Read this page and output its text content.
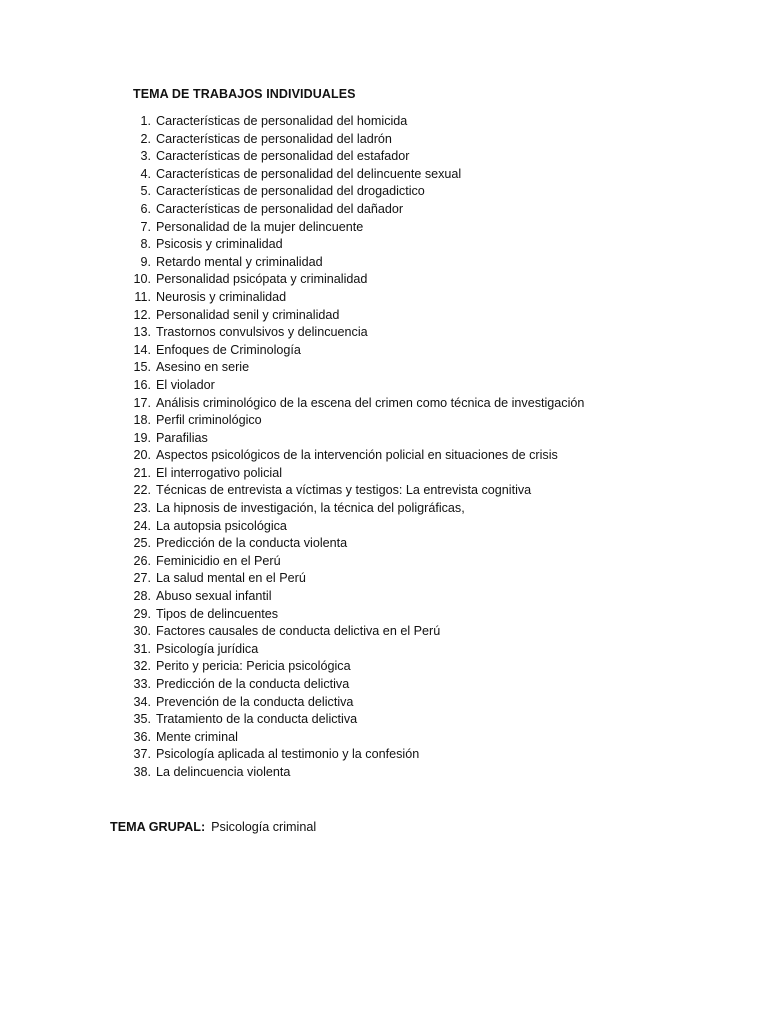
TEMA DE TRABAJOS INDIVIDUALES
1. Características de personalidad del homicida
2. Características de personalidad del ladrón
3. Características de personalidad del estafador
4. Características de personalidad del delincuente sexual
5. Características de personalidad del drogadictico
6. Características de personalidad del dañador
7. Personalidad de la mujer delincuente
8. Psicosis y criminalidad
9. Retardo mental y criminalidad
10. Personalidad psicópata y criminalidad
11. Neurosis y criminalidad
12. Personalidad senil y criminalidad
13. Trastornos convulsivos y delincuencia
14. Enfoques de Criminología
15. Asesino en serie
16. El violador
17. Análisis criminológico de la escena del crimen como técnica de investigación
18. Perfil criminológico
19. Parafilias
20. Aspectos psicológicos de la intervención policial en situaciones de crisis
21. El interrogativo policial
22. Técnicas de entrevista a víctimas y testigos: La entrevista cognitiva
23. La hipnosis de investigación, la técnica del poligráficas,
24. La autopsia psicológica
25. Predicción de la conducta violenta
26. Feminicidio en el Perú
27. La salud mental en el Perú
28. Abuso sexual infantil
29. Tipos de delincuentes
30. Factores causales de conducta delictiva en el Perú
31. Psicología jurídica
32. Perito y pericia: Pericia psicológica
33. Predicción de la conducta delictiva
34. Prevención de la conducta delictiva
35. Tratamiento de la conducta delictiva
36. Mente criminal
37. Psicología aplicada al testimonio y la confesión
38. La delincuencia violenta
TEMA GRUPAL: Psicología criminal
